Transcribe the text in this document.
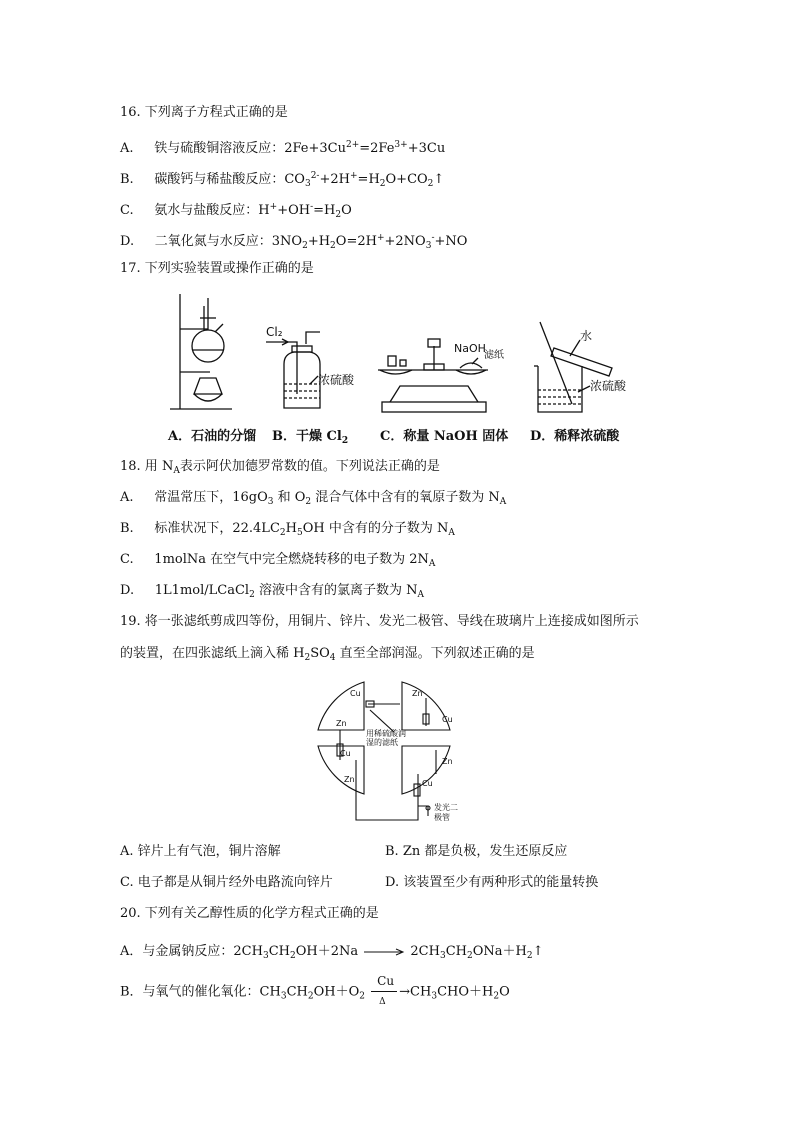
16. 下列离子方程式正确的是
A. 铁与硫酸铜溶液反应：$2Fe+3Cu^{2+}=2Fe^{3+}+3Cu$
B. 碳酸钙与稀盐酸反应：$CO_3^{2-}+2H^+=H_2O+CO_2↑$
C. 氨水与盐酸反应：$H^++OH^-=H_2O$
D. 二氧化氮与水反应：$3NO_2+H_2O=2H^++2NO_3^-+NO$
17. 下列实验装置或操作正确的是
Cl₂
浓硫酸
NaOH
滤纸
水
浓硫酸
A．石油的分馏 B．干燥 $Cl_2$ C．称量 NaOH 固体 D．稀释浓硫酸
18. 用 $N_A$表示阿伏加德罗常数的值。下列说法正确的是
A. 常温常压下，$16gO_3$ 和 $O_2$ 混合气体中含有的氧原子数为 $N_A$
B. 标准状况下，$22.4LC_2H_5OH$ 中含有的分子数为 $N_A$
C. 1molNa 在空气中完全燃烧转移的电子数为 $2N_A$
D. 1L1mol/LCaCl$_2$ 溶液中含有的氯离子数为 $N_A$
19. 将一张滤纸剪成四等份，用铜片、锌片、发光二极管、导线在玻璃片上连接成如图所示
的装置，在四张滤纸上滴入稀 $H_2SO_4$ 直至全部润湿。下列叙述正确的是
Cu	Zn
Zn	Cu
Cu
Zn
Zn	Cu
用稀硫酸润
湿的滤纸
发光二
极管
A. 锌片上有气泡，铜片溶解	B. Zn 都是负极，发生还原反应
C. 电子都是从铜片经外电路流向锌片	D. 该装置至少有两种形式的能量转换
20. 下列有关乙醇性质的化学方程式正确的是
A．与金属钠反应：$2CH_3CH_2OH+2Na$	$2CH_3CH_2ONa+H_2↑$
B．与氧气的催化氧化：$CH_3CH_2OH+O_2$
Cu
Δ
$\to CH_3CHO+H_2O$
